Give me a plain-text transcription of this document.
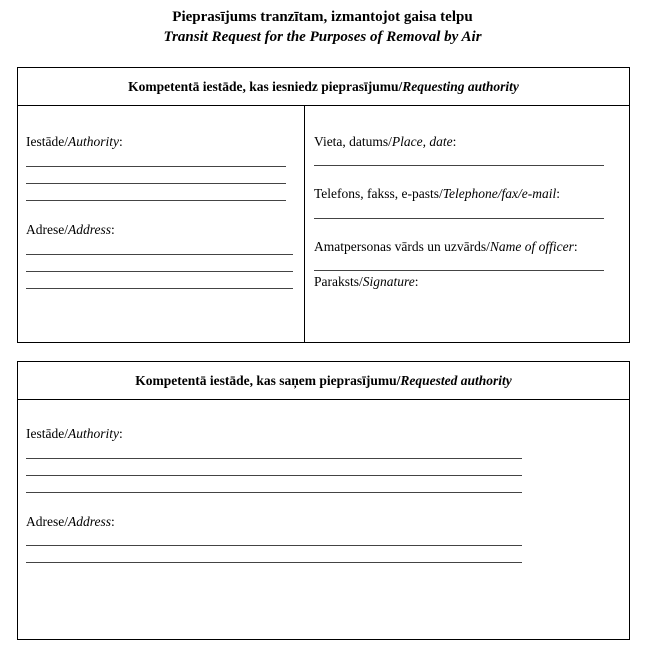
Pieprasījums tranzītam, izmantojot gaisa telpu
Transit Request for the Purposes of Removal by Air
Kompetentā iestāde, kas iesniedz pieprasījumu/ Requesting authority
Iestāde/Authority:
Adrese/Address:
Vieta, datums/Place, date:
Telefons, fakss, e-pasts/Telephone/fax/e-mail:
Amatpersonas vārds un uzvārds/Name of officer:
Paraksts/Signature:
Kompetentā iestāde, kas saņem pieprasījumu/ Requested authority
Iestāde/Authority:
Adrese/Address:
